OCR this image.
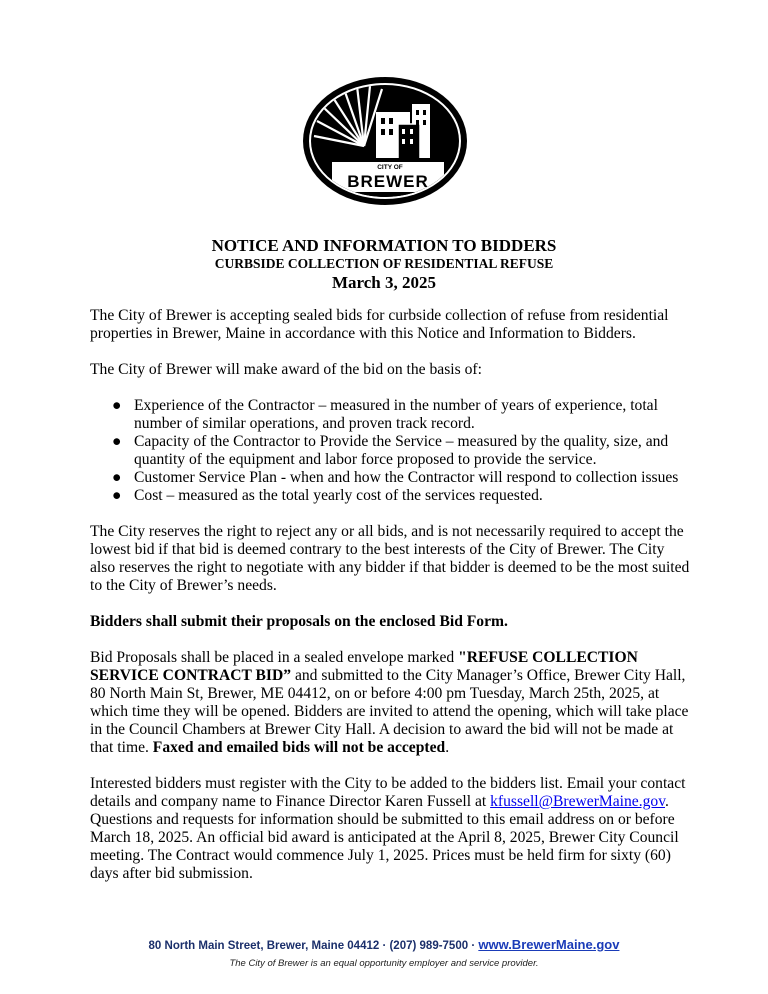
CITY OF
BREWER
NOTICE AND INFORMATION TO BIDDERS
CURBSIDE COLLECTION OF RESIDENTIAL REFUSE
March 3, 2025

The City of Brewer is accepting sealed bids for curbside collection of refuse from residential properties in Brewer, Maine in accordance with this Notice and Information to Bidders.

The City of Brewer will make award of the bid on the basis of:

● Experience of the Contractor – measured in the number of years of experience, total number of similar operations, and proven track record.
● Capacity of the Contractor to Provide the Service – measured by the quality, size, and quantity of the equipment and labor force proposed to provide the service.
● Customer Service Plan - when and how the Contractor will respond to collection issues
● Cost – measured as the total yearly cost of the services requested.

The City reserves the right to reject any or all bids, and is not necessarily required to accept the lowest bid if that bid is deemed contrary to the best interests of the City of Brewer. The City also reserves the right to negotiate with any bidder if that bidder is deemed to be the most suited to the City of Brewer’s needs.

Bidders shall submit their proposals on the enclosed Bid Form.

Bid Proposals shall be placed in a sealed envelope marked "REFUSE COLLECTION SERVICE CONTRACT BID” and submitted to the City Manager’s Office, Brewer City Hall, 80 North Main St, Brewer, ME 04412, on or before 4:00 pm Tuesday, March 25th, 2025, at which time they will be opened. Bidders are invited to attend the opening, which will take place in the Council Chambers at Brewer City Hall. A decision to award the bid will not be made at that time. Faxed and emailed bids will not be accepted.

Interested bidders must register with the City to be added to the bidders list. Email your contact details and company name to Finance Director Karen Fussell at kfussell@BrewerMaine.gov. Questions and requests for information should be submitted to this email address on or before March 18, 2025. An official bid award is anticipated at the April 8, 2025, Brewer City Council meeting. The Contract would commence July 1, 2025. Prices must be held firm for sixty (60) days after bid submission.

80 North Main Street, Brewer, Maine 04412 · (207) 989-7500 · www.BrewerMaine.gov
The City of Brewer is an equal opportunity employer and service provider.
